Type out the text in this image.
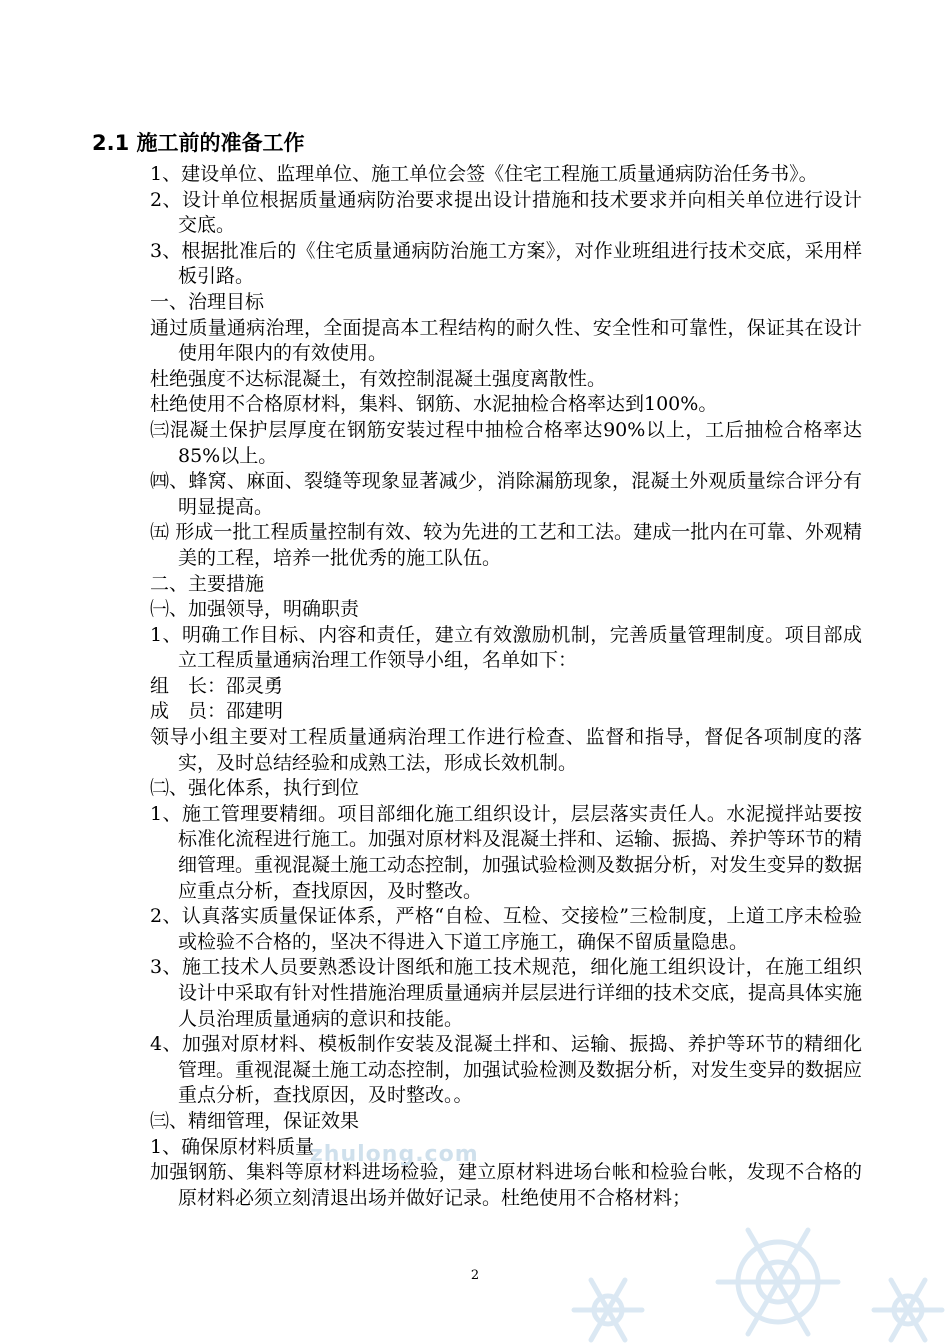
2.1 施工前的准备工作

1、建设单位、监理单位、施工单位会签《住宅工程施工质量通病防治任务书》。

2、设计单位根据质量通病防治要求提出设计措施和技术要求并向相关单位进行设计交底。

3、根据批准后的《住宅质量通病防治施工方案》，对作业班组进行技术交底，采用样板引路。

一、治理目标

通过质量通病治理，全面提高本工程结构的耐久性、安全性和可靠性，保证其在设计使用年限内的有效使用。

杜绝强度不达标混凝土，有效控制混凝土强度离散性。

杜绝使用不合格原材料，集料、钢筋、水泥抽检合格率达到100%。

㈢混凝土保护层厚度在钢筋安装过程中抽检合格率达90%以上，工后抽检合格率达85%以上。

㈣、蜂窝、麻面、裂缝等现象显著减少，消除漏筋现象，混凝土外观质量综合评分有明显提高。

㈤ 形成一批工程质量控制有效、较为先进的工艺和工法。建成一批内在可靠、外观精美的工程，培养一批优秀的施工队伍。

二、主要措施

㈠、加强领导，明确职责

1、明确工作目标、内容和责任，建立有效激励机制，完善质量管理制度。项目部成立工程质量通病治理工作领导小组，名单如下：

组　长：邵灵勇

成　员：邵建明

领导小组主要对工程质量通病治理工作进行检查、监督和指导，督促各项制度的落实，及时总结经验和成熟工法，形成长效机制。

㈡、强化体系，执行到位

1、施工管理要精细。项目部细化施工组织设计，层层落实责任人。水泥搅拌站要按标准化流程进行施工。加强对原材料及混凝土拌和、运输、振捣、养护等环节的精细管理。重视混凝土施工动态控制，加强试验检测及数据分析，对发生变异的数据应重点分析，查找原因，及时整改。

2、认真落实质量保证体系，严格“自检、互检、交接检”三检制度，上道工序未检验或检验不合格的，坚决不得进入下道工序施工，确保不留质量隐患。

3、施工技术人员要熟悉设计图纸和施工技术规范，细化施工组织设计，在施工组织设计中采取有针对性措施治理质量通病并层层进行详细的技术交底，提高具体实施人员治理质量通病的意识和技能。

4、加强对原材料、模板制作安装及混凝土拌和、运输、振捣、养护等环节的精细化管理。重视混凝土施工动态控制，加强试验检测及数据分析，对发生变异的数据应重点分析，查找原因，及时整改。。

㈢、精细管理，保证效果

1、确保原材料质量

加强钢筋、集料等原材料进场检验，建立原材料进场台帐和检验台帐，发现不合格的原材料必须立刻清退出场并做好记录。杜绝使用不合格材料；

zhulong.com
2
